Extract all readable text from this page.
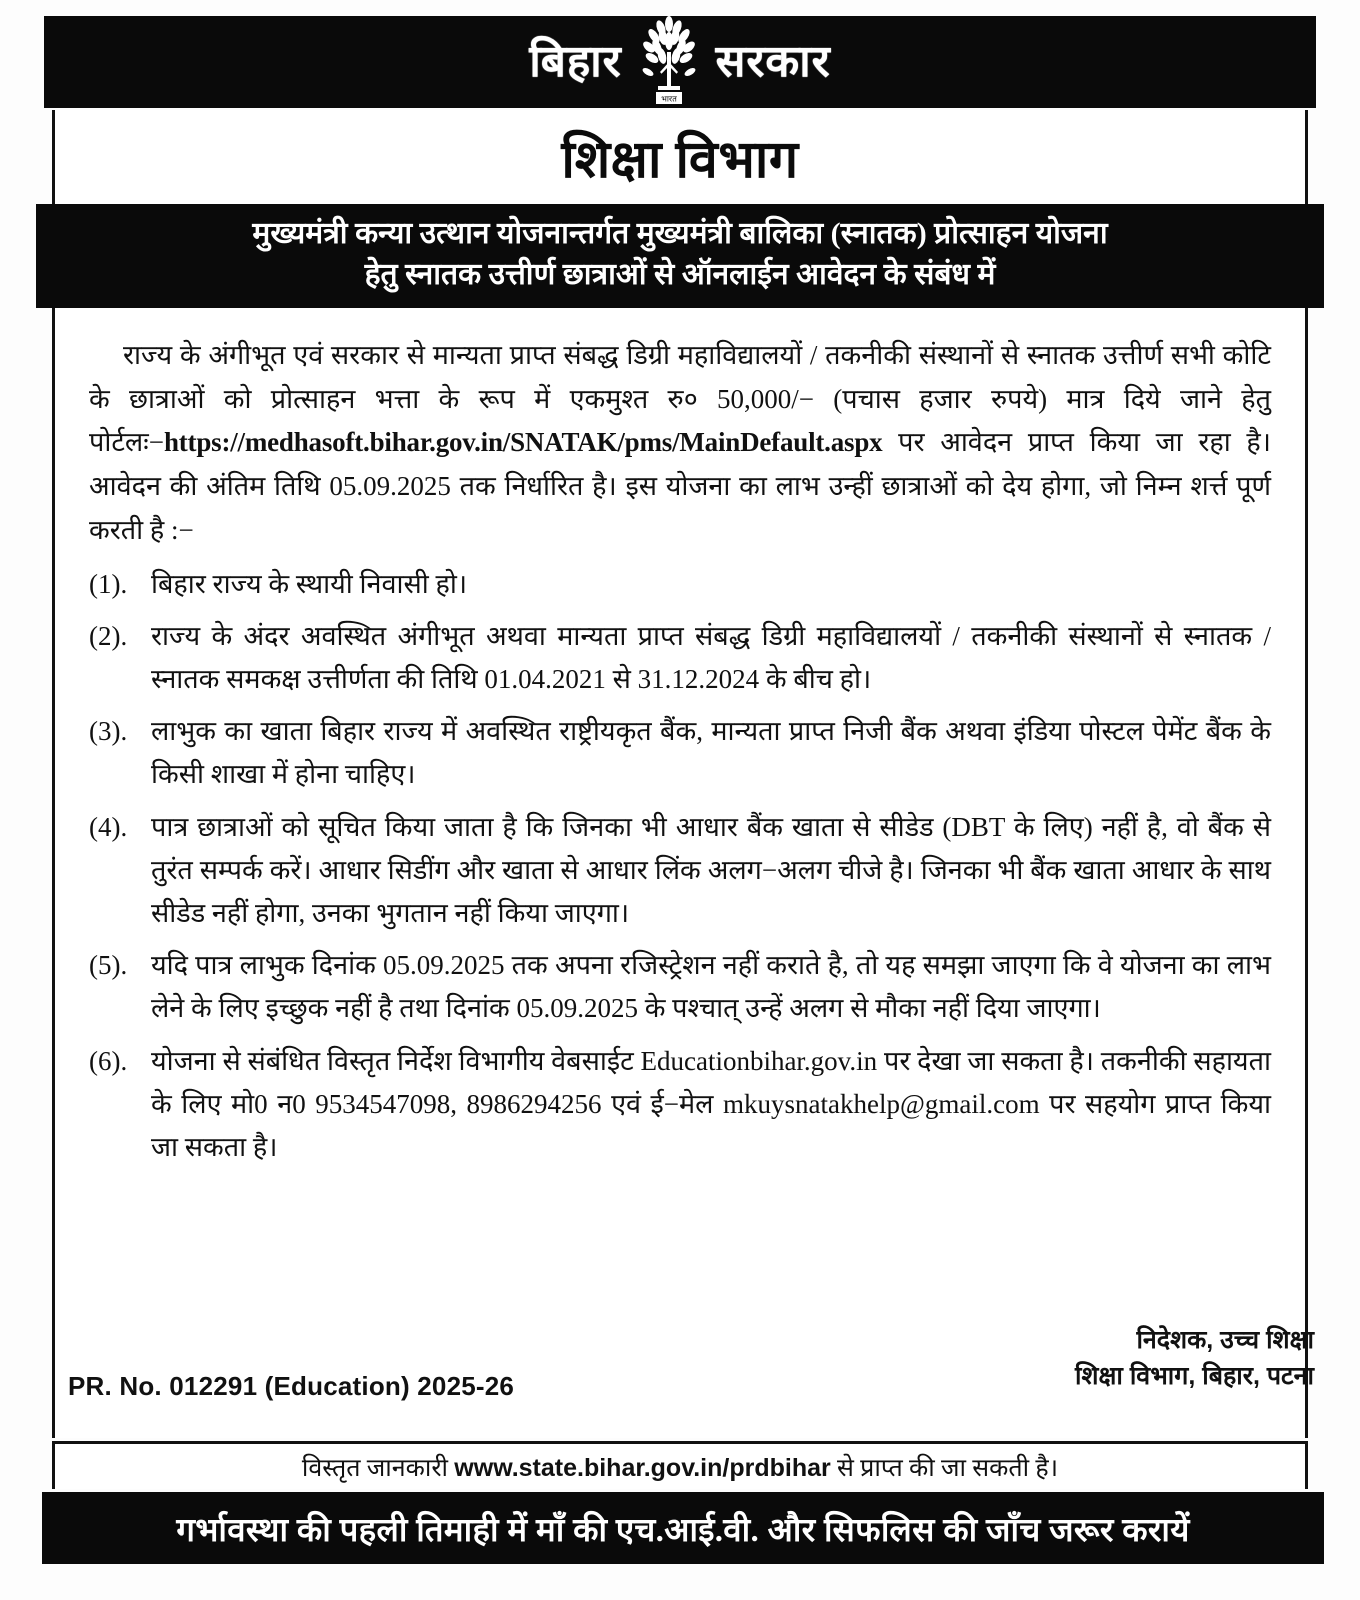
बिहार
भारत
सरकार
शिक्षा विभाग
मुख्यमंत्री कन्या उत्थान योजनान्तर्गत मुख्यमंत्री बालिका (स्नातक) प्रोत्साहन योजना
हेतु स्नातक उत्तीर्ण छात्राओं से ऑनलाईन आवेदन के संबंध में

राज्य के अंगीभूत एवं सरकार से मान्यता प्राप्त संबद्ध डिग्री महाविद्यालयों / तकनीकी संस्थानों से स्नातक उत्तीर्ण सभी कोटि के छात्राओं को प्रोत्साहन भत्ता के रूप में एकमुश्त रु० 50,000/− (पचास हजार रुपये) मात्र दिये जाने हेतु पोर्टलः−https://medhasoft.bihar.gov.in/SNATAK/pms/MainDefault.aspx पर आवेदन प्राप्त किया जा रहा है। आवेदन की अंतिम तिथि 05.09.2025 तक निर्धारित है। इस योजना का लाभ उन्हीं छात्राओं को देय होगा, जो निम्न शर्त्त पूर्ण करती है :−

(1). बिहार राज्य के स्थायी निवासी हो।
(2). राज्य के अंदर अवस्थित अंगीभूत अथवा मान्यता प्राप्त संबद्ध डिग्री महाविद्यालयों / तकनीकी संस्थानों से स्नातक / स्नातक समकक्ष उत्तीर्णता की तिथि 01.04.2021 से 31.12.2024 के बीच हो।
(3). लाभुक का खाता बिहार राज्य में अवस्थित राष्ट्रीयकृत बैंक, मान्यता प्राप्त निजी बैंक अथवा इंडिया पोस्टल पेमेंट बैंक के किसी शाखा में होना चाहिए।
(4). पात्र छात्राओं को सूचित किया जाता है कि जिनका भी आधार बैंक खाता से सीडेड (DBT के लिए) नहीं है, वो बैंक से तुरंत सम्पर्क करें। आधार सिडींग और खाता से आधार लिंक अलग−अलग चीजे है। जिनका भी बैंक खाता आधार के साथ सीडेड नहीं होगा, उनका भुगतान नहीं किया जाएगा।
(5). यदि पात्र लाभुक दिनांक 05.09.2025 तक अपना रजिस्ट्रेशन नहीं कराते है, तो यह समझा जाएगा कि वे योजना का लाभ लेने के लिए इच्छुक नहीं है तथा दिनांक 05.09.2025 के पश्चात् उन्हें अलग से मौका नहीं दिया जाएगा।
(6). योजना से संबंधित विस्तृत निर्देश विभागीय वेबसाईट Educationbihar.gov.in पर देखा जा सकता है। तकनीकी सहायता के लिए मो0 न0 9534547098, 8986294256 एवं ई−मेल mkuysnatakhelp@gmail.com पर सहयोग प्राप्त किया जा सकता है।
निदेशक, उच्च शिक्षा
शिक्षा विभाग, बिहार, पटना
PR. No. 012291 (Education) 2025-26
विस्तृत जानकारी www.state.bihar.gov.in/prdbihar से प्राप्त की जा सकती है।
गर्भावस्था की पहली तिमाही में माँ की एच.आई.वी. और सिफलिस की जाँच जरूर करायें
